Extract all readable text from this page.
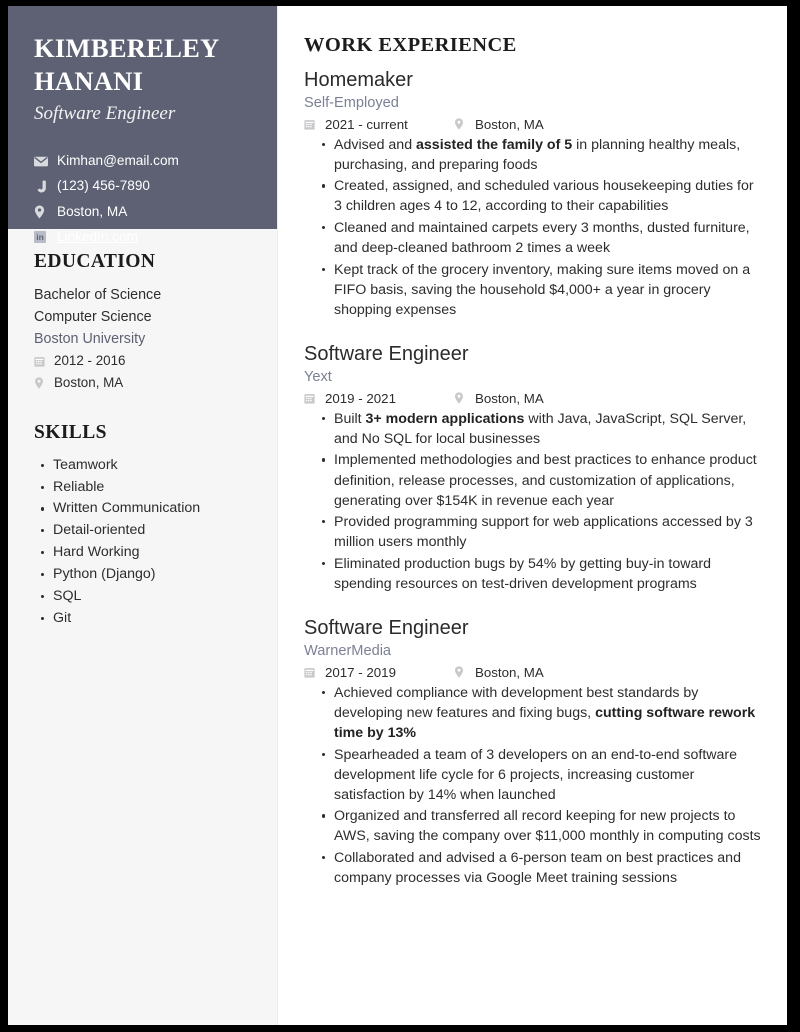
KIMBERELEY HANANI
Software Engineer
Kimhan@email.com
(123) 456-7890
Boston, MA
in LinkedIn.com
EDUCATION
Bachelor of Science
Computer Science
Boston University
2012 - 2016
Boston, MA
SKILLS
Teamwork
Reliable
Written Communication
Detail-oriented
Hard Working
Python (Django)
SQL
Git
WORK EXPERIENCE
Homemaker
Self-Employed
2021 - current	Boston, MA
Advised and assisted the family of 5 in planning healthy meals, purchasing, and preparing foods
Created, assigned, and scheduled various housekeeping duties for 3 children ages 4 to 12, according to their capabilities
Cleaned and maintained carpets every 3 months, dusted furniture, and deep-cleaned bathroom 2 times a week
Kept track of the grocery inventory, making sure items moved on a FIFO basis, saving the household $4,000+ a year in grocery shopping expenses
Software Engineer
Yext
2019 - 2021	Boston, MA
Built 3+ modern applications with Java, JavaScript, SQL Server, and No SQL for local businesses
Implemented methodologies and best practices to enhance product definition, release processes, and customization of applications, generating over $154K in revenue each year
Provided programming support for web applications accessed by 3 million users monthly
Eliminated production bugs by 54% by getting buy-in toward spending resources on test-driven development programs
Software Engineer
WarnerMedia
2017 - 2019	Boston, MA
Achieved compliance with development best standards by developing new features and fixing bugs, cutting software rework time by 13%
Spearheaded a team of 3 developers on an end-to-end software development life cycle for 6 projects, increasing customer satisfaction by 14% when launched
Organized and transferred all record keeping for new projects to AWS, saving the company over $11,000 monthly in computing costs
Collaborated and advised a 6-person team on best practices and company processes via Google Meet training sessions
